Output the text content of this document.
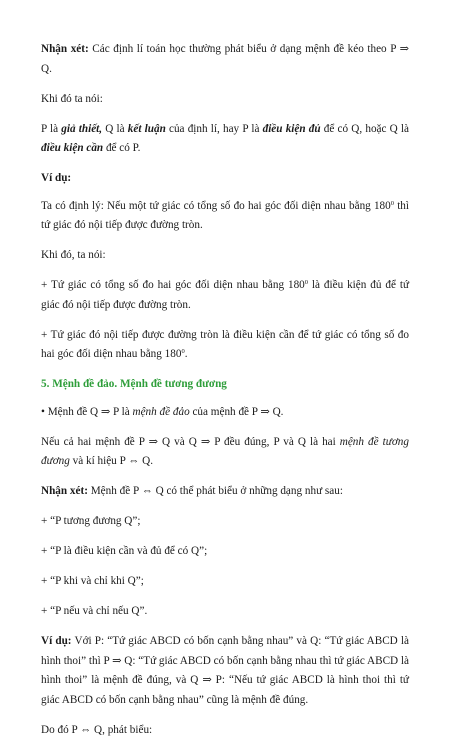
Nhận xét: Các định lí toán học thường phát biểu ở dạng mệnh đề kéo theo P ⇒ Q.

Khi đó ta nói:

P là giả thiết, Q là kết luận của định lí, hay P là điều kiện đủ để có Q, hoặc Q là điều kiện cần để có P.

Ví dụ:

Ta có định lý: Nếu một tứ giác có tổng số đo hai góc đối diện nhau bằng $180^0$ thì tứ giác đó nội tiếp được đường tròn.

Khi đó, ta nói:

+ Tứ giác có tổng số đo hai góc đối diện nhau bằng $180^0$ là điều kiện đủ để tứ giác đó nội tiếp được đường tròn.

+ Tứ giác đó nội tiếp được đường tròn là điều kiện cần để tứ giác có tổng số đo hai góc đối diện nhau bằng $180^0$.

5. Mệnh đề đảo. Mệnh đề tương đương

• Mệnh đề Q ⇒ P là mệnh đề đảo của mệnh đề P ⇒ Q.

Nếu cả hai mệnh đề P ⇒ Q và Q ⇒ P đều đúng, P và Q là hai mệnh đề tương đương và kí hiệu P ⇔ Q.

Nhận xét: Mệnh đề P ⇔ Q có thể phát biểu ở những dạng như sau:

+ “P tương đương Q”;

+ “P là điều kiện cần và đủ để có Q”;

+ “P khi và chỉ khi Q”;

+ “P nếu và chỉ nếu Q”.

Ví dụ: Với P: “Tứ giác ABCD có bốn cạnh bằng nhau” và Q: “Tứ giác ABCD là hình thoi” thì P ⇒ Q: “Tứ giác ABCD có bốn cạnh bằng nhau thì tứ giác ABCD là hình thoi” là mệnh đề đúng, và Q ⇒ P: “Nếu tứ giác ABCD là hình thoi thì tứ giác ABCD có bốn cạnh bằng nhau” cũng là mệnh đề đúng.

Do đó P ⇔ Q, phát biểu:
